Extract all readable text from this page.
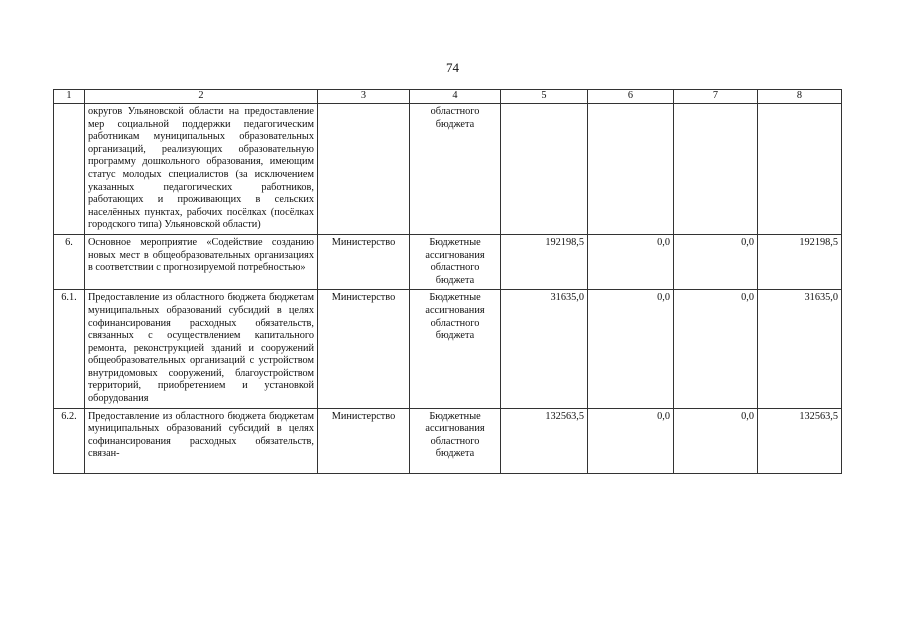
74
1	2	3	4	5	6	7	8
	округов Ульяновской области на предоставление мер социальной поддержки педагогическим работникам муниципальных образовательных организаций, реализующих образовательную программу дошкольного образования, имеющим статус молодых специалистов (за исключением указанных педагогических работников, работающих и проживающих в сельских населённых пунктах, рабочих посёлках (посёлках городского типа) Ульяновской области)		областного бюджета				
6.	Основное мероприятие «Содействие созданию новых мест в общеобразовательных организациях в соответствии с прогнозируемой потребностью»	Министерство	Бюджетные ассигнования областного бюджета	192198,5	0,0	0,0	192198,5
6.1.	Предоставление из областного бюджета бюджетам муниципальных образований субсидий в целях софинансирования расходных обязательств, связанных с осуществлением капитального ремонта, реконструкцией зданий и сооружений общеобразовательных организаций с устройством внутридомовых сооружений, благоустройством территорий, приобретением и установкой оборудования	Министерство	Бюджетные ассигнования областного бюджета	31635,0	0,0	0,0	31635,0
6.2.	Предоставление из областного бюджета бюджетам муниципальных образований субсидий в целях софинансирования расходных обязательств, связан-	Министерство	Бюджетные ассигнования областного бюджета	132563,5	0,0	0,0	132563,5
